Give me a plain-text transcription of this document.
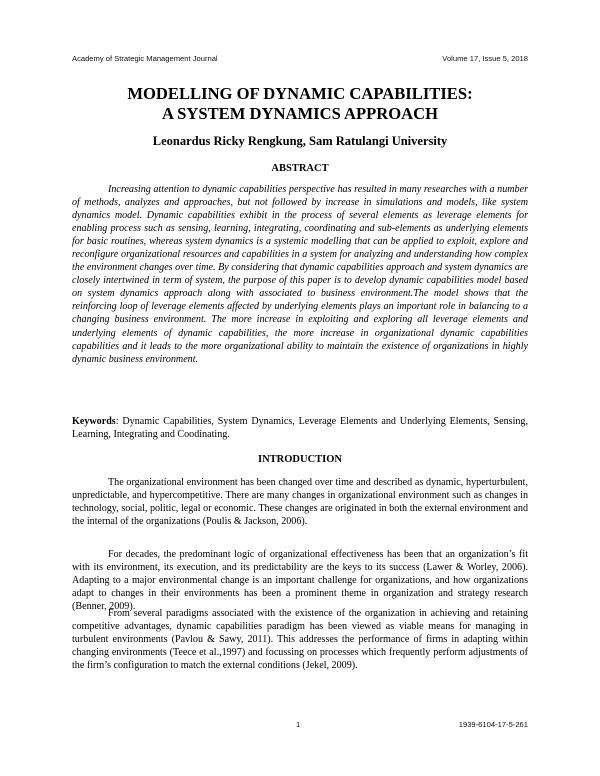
Academy of Strategic Management Journal	Volume 17, Issue 5, 2018
MODELLING OF DYNAMIC CAPABILITIES:
A SYSTEM DYNAMICS APPROACH
Leonardus Ricky Rengkung, Sam Ratulangi University
ABSTRACT

Increasing attention to dynamic capabilities perspective has resulted in many researches with a number of methods, analyzes and approaches, but not followed by increase in simulations and models, like system dynamics model. Dynamic capabilities exhibit in the process of several elements as leverage elements for enabling process such as sensing, learning, integrating, coordinating and sub-elements as underlying elements for basic routines, whereas system dynamics is a systemic modelling that can be applied to exploit, explore and reconfigure organizational resources and capabilities in a system for analyzing and understanding how complex the environment changes over time. By considering that dynamic capabilities approach and system dynamics are closely intertwined in term of system, the purpose of this paper is to develop dynamic capabilities model based on system dynamics approach along with associated to business environment.The model shows that the reinforcing loop of leverage elements affected by underlying elements plays an important role in balancing to a changing business environment. The more increase in exploiting and exploring all leverage elements and underlying elements of dynamic capabilities, the more increase in organizational dynamic capabilities capabilities and it leads to the more organizational ability to maintain the existence of organizations in highly dynamic business environment.

Keywords: Dynamic Capabilities, System Dynamics, Leverage Elements and Underlying Elements, Sensing, Learning, Integrating and Coodinating.

INTRODUCTION

The organizational environment has been changed over time and described as dynamic, hyperturbulent, unpredictable, and hypercompetitive. There are many changes in organizational environment such as changes in technology, social, politic, legal or economic. These changes are originated in both the external environment and the internal of the organizations (Poulis & Jackson, 2006).

For decades, the predominant logic of organizational effectiveness has been that an organization’s fit with its environment, its execution, and its predictability are the keys to its success (Lawer & Worley, 2006). Adapting to a major environmental change is an important challenge for organizations, and how organizations adapt to changes in their environments has been a prominent theme in organization and strategy research (Benner, 2009).

From several paradigms associated with the existence of the organization in achieving and retaining competitive advantages, dynamic capabilities paradigm has been viewed as viable means for managing in turbulent environments (Pavlou & Sawy, 2011). This addresses the performance of firms in adapting within changing environments (Teece et al.,1997) and focussing on processes which frequently perform adjustments of the firm’s configuration to match the external conditions (Jekel, 2009).

1	1939-6104-17-5-261
